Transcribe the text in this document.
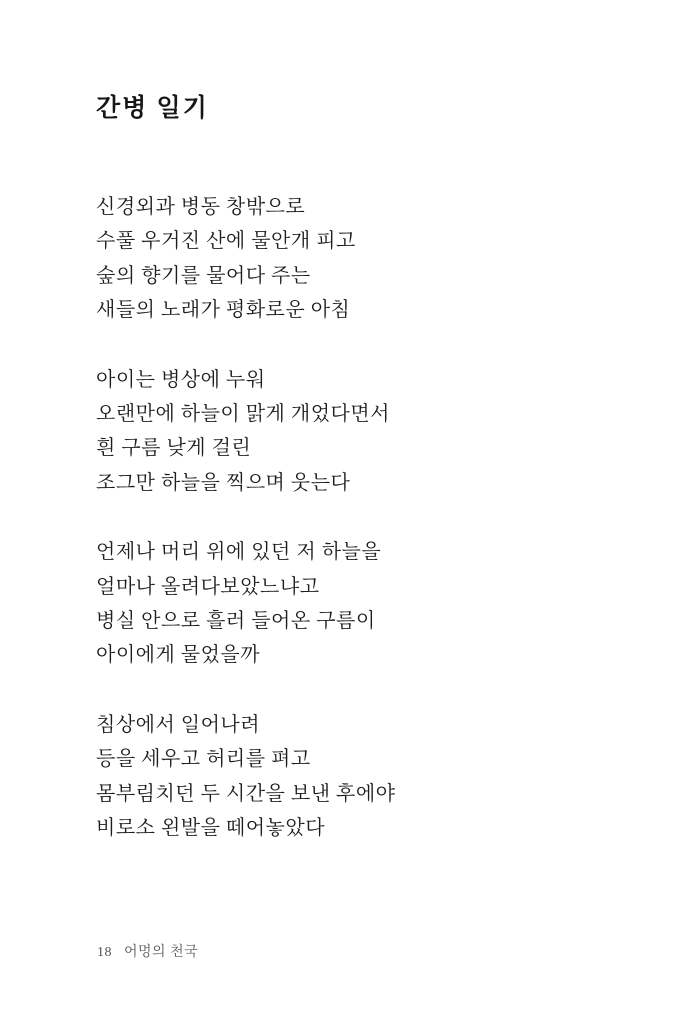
간병 일기
신경외과 병동 창밖으로
수풀 우거진 산에 물안개 피고
숲의 향기를 물어다 주는
새들의 노래가 평화로운 아침
아이는 병상에 누워
오랜만에 하늘이 맑게 개었다면서
흰 구름 낮게 걸린
조그만 하늘을 찍으며 웃는다
언제나 머리 위에 있던 저 하늘을
얼마나 올려다보았느냐고
병실 안으로 흘러 들어온 구름이
아이에게 물었을까
침상에서 일어나려
등을 세우고 허리를 펴고
몸부림치던 두 시간을 보낸 후에야
비로소 왼발을 떼어놓았다
18 어멍의 천국
